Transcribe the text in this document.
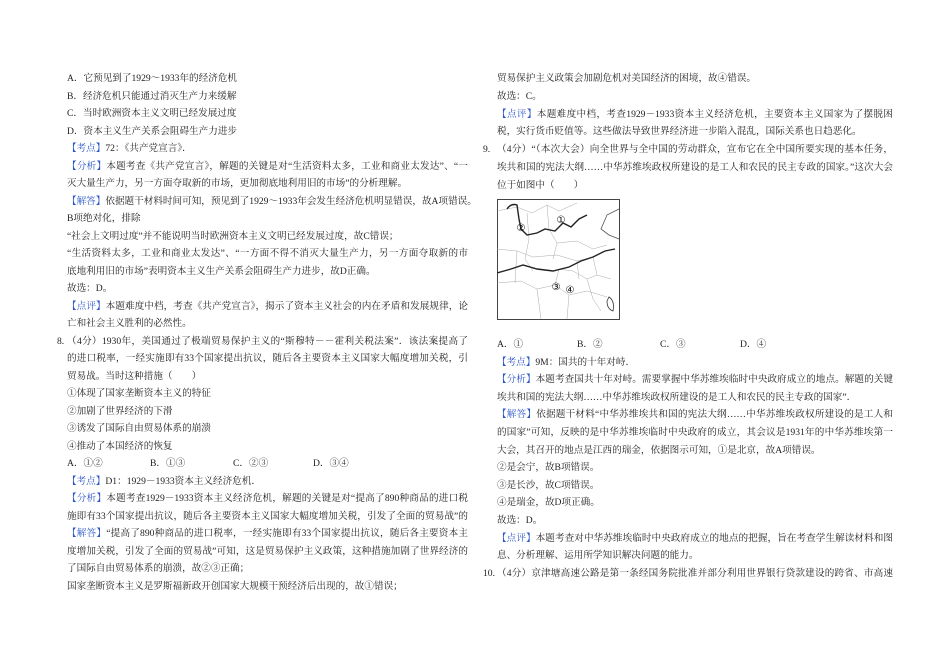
A．它预见到了1929～1933年的经济危机
B．经济危机只能通过消灭生产力来缓解
C．当时欧洲资本主义文明已经发展过度
D．资本主义生产关系会阻碍生产力进步
【考点】72：《共产党宣言》．
【分析】本题考查《共产党宣言》，解题的关键是对“生活资料太多，工业和商业太发达”、“一
灭大量生产力，另一方面夺取新的市场，更加彻底地利用旧的市场”的分析理解。
【解答】依据题干材料时间可知，预见到了1929～1933年会发生经济危机明显错误，故A项错误。
B项绝对化，排除
“社会上文明过度”并不能说明当时欧洲资本主义文明已经发展过度，故C错误；
“生活资料太多，工业和商业太发达”、“一方面不得不消灭大量生产力，另一方面夺取新的市
底地利用旧的市场”表明资本主义生产关系会阻碍生产力进步，故D正确。
故选：D。
【点评】本题难度中档，考查《共产党宣言》，揭示了资本主义社会的内在矛盾和发展规律，论
亡和社会主义胜利的必然性。
8. （4分）1930年，美国通过了极端贸易保护主义的“斯穆特－－霍利关税法案”．该法案提高了
的进口税率，一经实施即有33个国家提出抗议，随后各主要资本主义国家大幅度增加关税，引
贸易战。当时这种措施（　　）
①体现了国家垄断资本主义的特征
②加剧了世界经济的下滑
③诱发了国际自由贸易体系的崩溃
④推动了本国经济的恢复
A．①②	B．①③	C．②③	D．③④
【考点】D1：1929－1933资本主义经济危机．
【分析】本题考查1929－1933资本主义经济危机，解题的关键是对“提高了890种商品的进口税
施即有33个国家提出抗议，随后各主要资本主义国家大幅度增加关税，引发了全面的贸易战”的
【解答】“提高了890种商品的进口税率，一经实施即有33个国家提出抗议，随后各主要资本主
度增加关税，引发了全面的贸易战”可知，这是贸易保护主义政策，这种措施加剧了世界经济的
了国际自由贸易体系的崩溃，故②③正确；
国家垄断资本主义是罗斯福新政开创国家大规模干预经济后出现的，故①错误；
贸易保护主义政策会加剧危机对美国经济的困境，故④错误。
故选：C。
【点评】本题难度中档，考查1929－1933资本主义经济危机，主要资本主义国家为了摆脱困
税，实行货币贬值等。这些做法导致世界经济进一步陷入混乱，国际关系也日趋恶化。
9. （4分）“（本次大会）向全世界与全中国的劳动群众，宣布它在全中国所要实现的基本任务，
埃共和国的宪法大纲……中华苏维埃政权所建设的是工人和农民的民主专政的国家。”这次大会
位于如图中（　　）
A．①	B．②	C．③	D．④
【考点】9M：国共的十年对峙．
【分析】本题考查国共十年对峙。需要掌握中华苏维埃临时中央政府成立的地点。解题的关键
埃共和国的宪法大纲……中华苏维埃政权所建设的是工人和农民的民主专政的国家”．
【解答】依据题干材料“中华苏维埃共和国的宪法大纲……中华苏维埃政权所建设的是工人和
的国家”可知，反映的是中华苏维埃临时中央政府的成立，其会议是1931年的中华苏维埃第一
大会，其召开的地点是江西的瑞金，依据图示可知，①是北京，故A项错误。
②是会宁，故B项错误。
③是长沙，故C项错误。
④是瑞金，故D项正确。
故选：D。
【点评】本题考查对中华苏维埃临时中央政府成立的地点的把握，旨在考查学生解读材料和图
息、分析理解、运用所学知识解决问题的能力。
10. （4分）京津塘高速公路是第一条经国务院批准并部分利用世界银行贷款建设的跨省、市高速
①
②
③ ④
